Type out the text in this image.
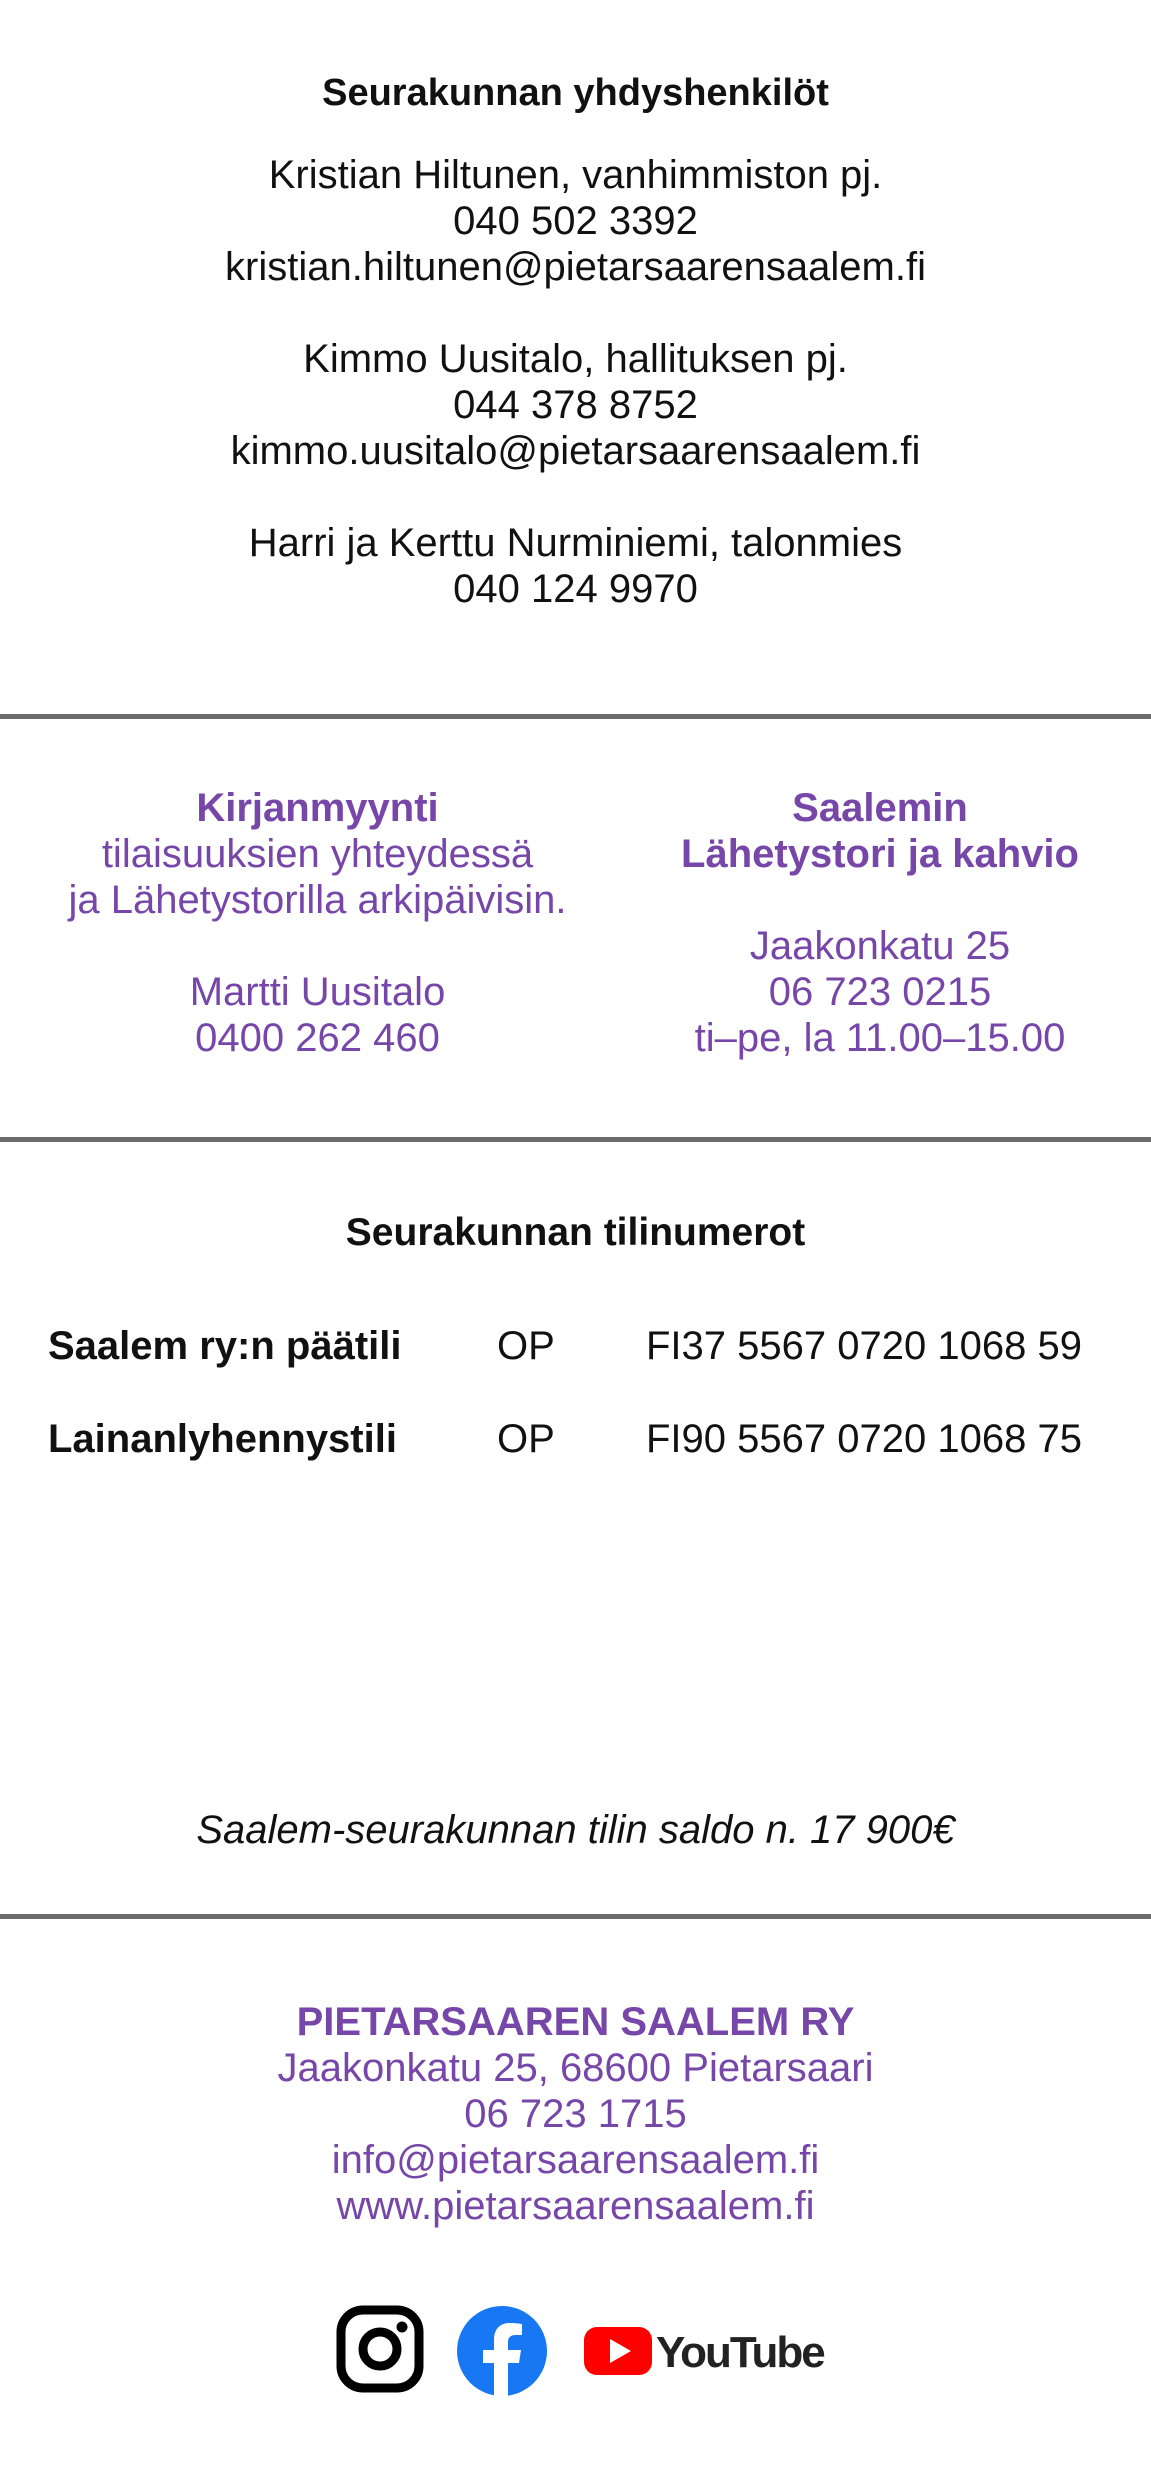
Seurakunnan yhdyshenkilöt
Kristian Hiltunen, vanhimmiston pj.
040 502 3392
kristian.hiltunen@pietarsaarensaalem.fi
Kimmo Uusitalo, hallituksen pj.
044 378 8752
kimmo.uusitalo@pietarsaarensaalem.fi
Harri ja Kerttu Nurminiemi, talonmies
040 124 9970
Kirjanmyynti
tilaisuuksien yhteydessä
ja Lähetystorilla arkipäivisin.
Martti Uusitalo
0400 262 460
Saalemin
Lähetystori ja kahvio
Jaakonkatu 25
06 723 0215
ti–pe, la 11.00–15.00
Seurakunnan tilinumerot
Saalem ry:n päätili OP FI37 5567 0720 1068 59
Lainanlyhennystili	OP FI90 5567 0720 1068 75
Saalem-seurakunnan tilin saldo n. 17 900€
PIETARSAAREN SAALEM RY
Jaakonkatu 25, 68600 Pietarsaari
06 723 1715
info@pietarsaarensaalem.fi
www.pietarsaarensaalem.fi
YouTube
